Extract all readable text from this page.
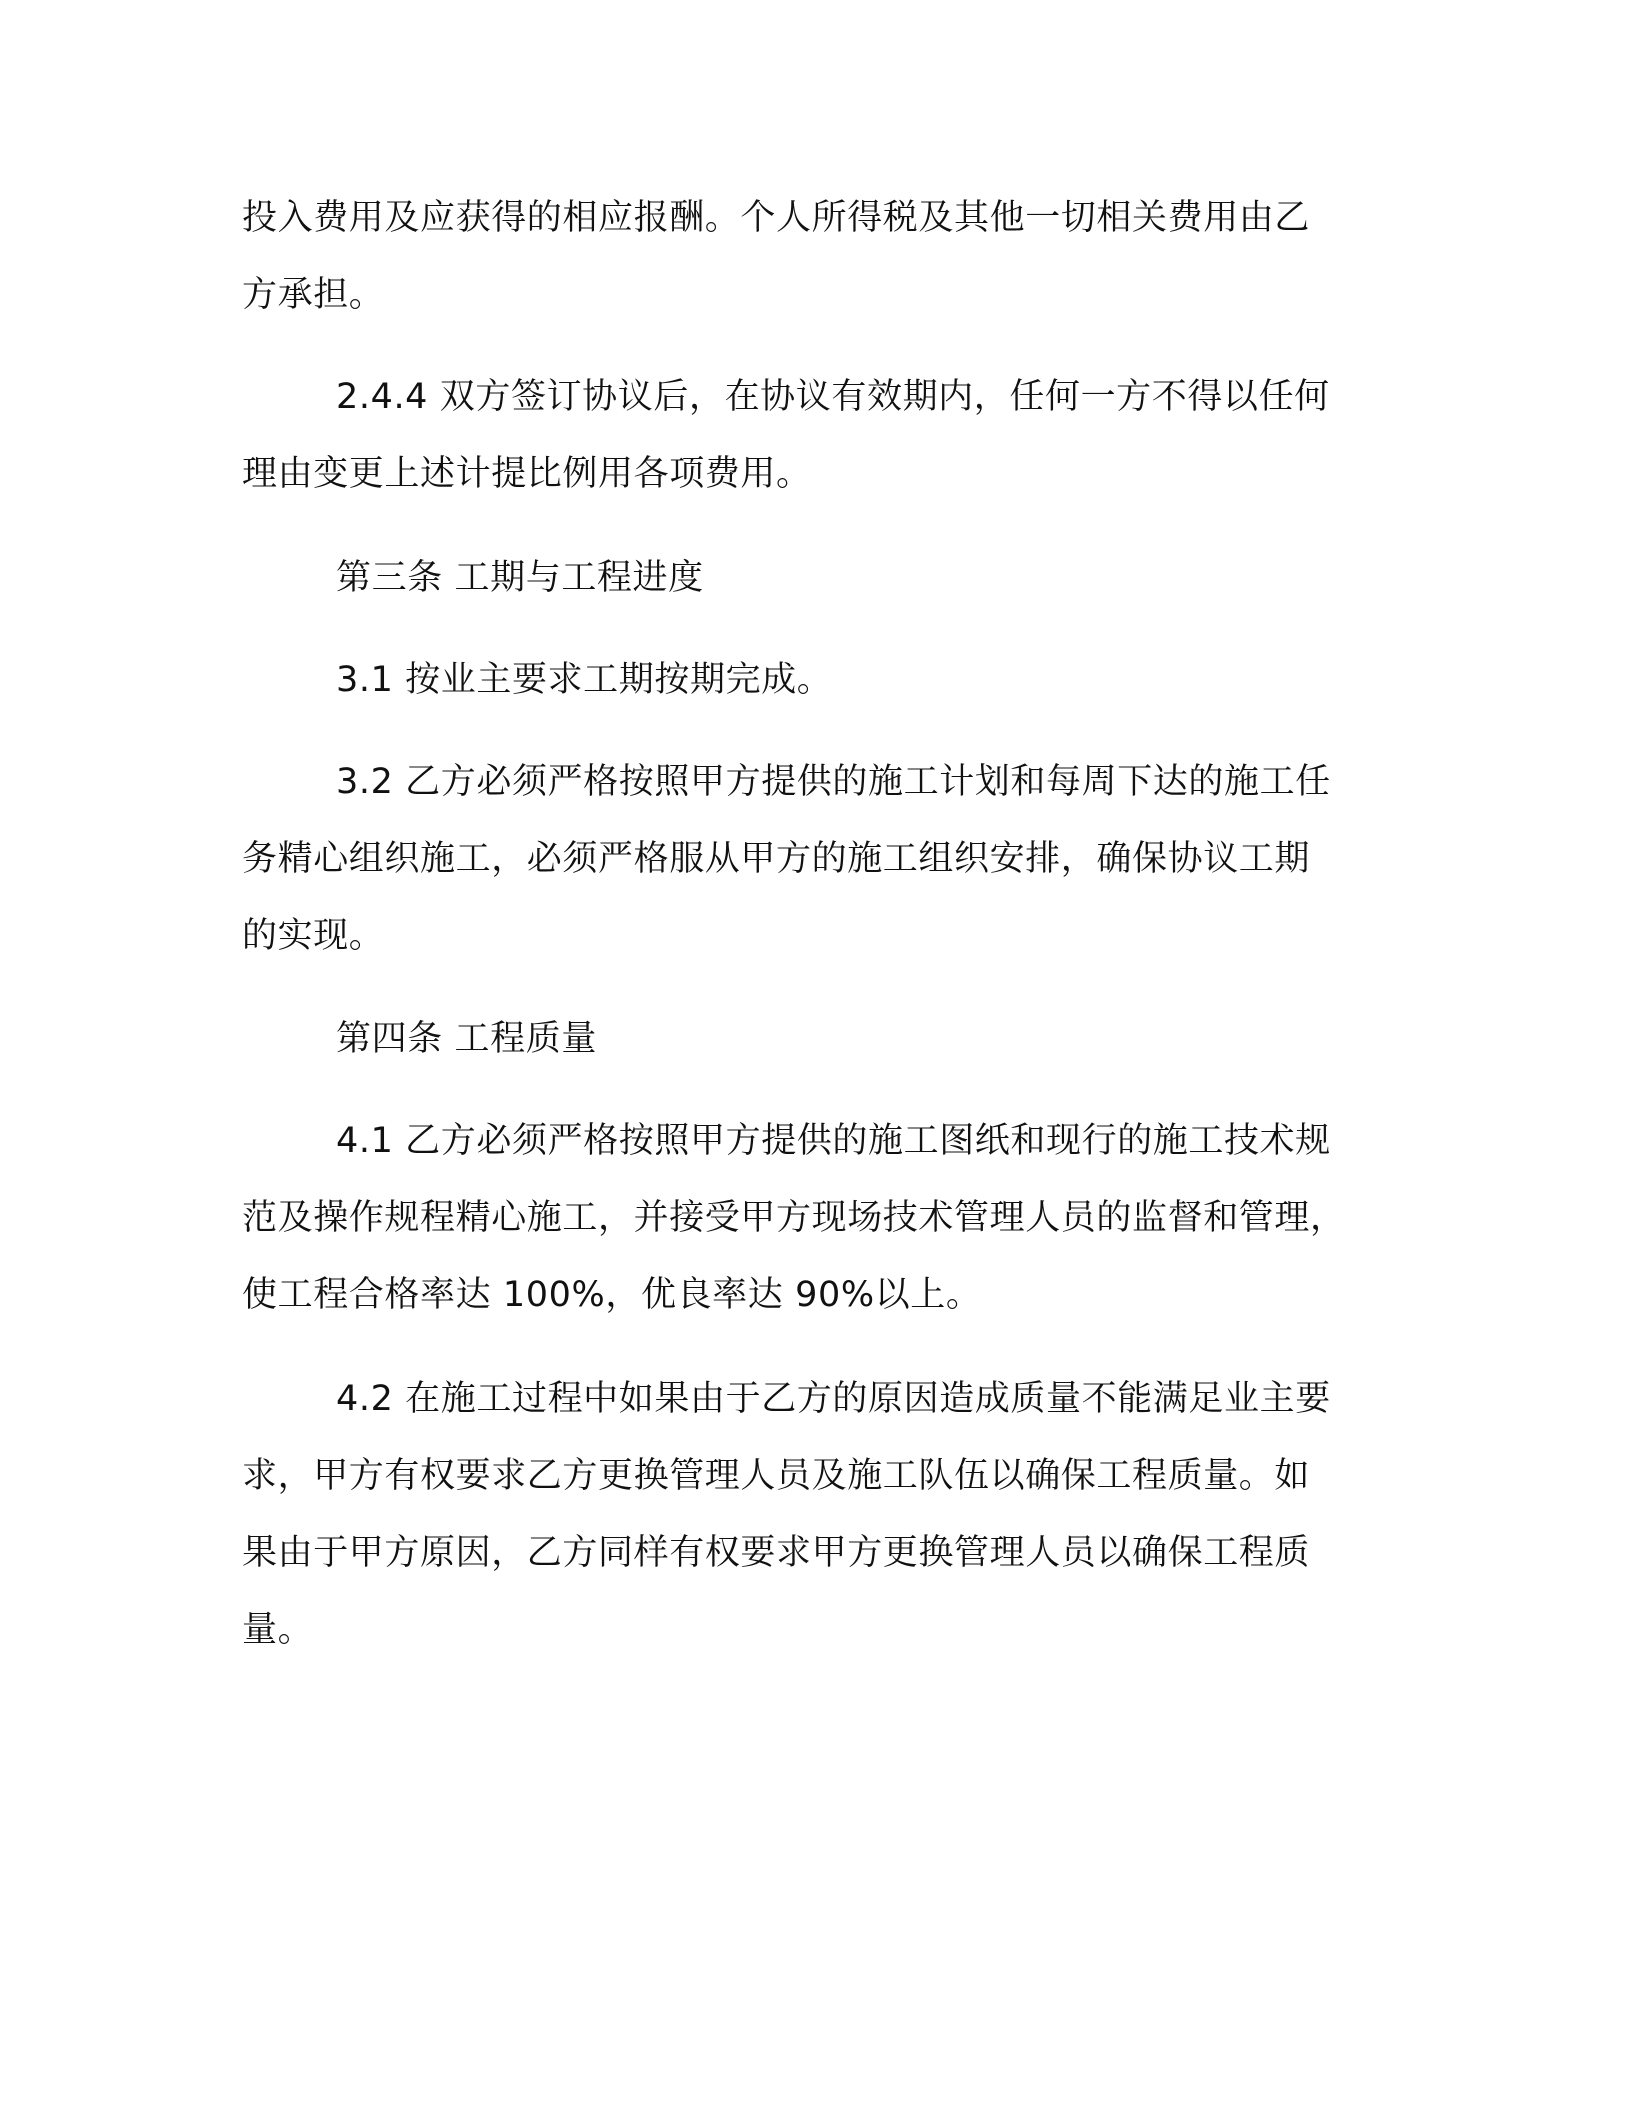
投入费用及应获得的相应报酬。个人所得税及其他一切相关费用由乙
方承担。
2.4.4 双方签订协议后，在协议有效期内，任何一方不得以任何
理由变更上述计提比例用各项费用。
第三条 工期与工程进度
3.1 按业主要求工期按期完成。
3.2 乙方必须严格按照甲方提供的施工计划和每周下达的施工任
务精心组织施工，必须严格服从甲方的施工组织安排，确保协议工期
的实现。
第四条 工程质量
4.1 乙方必须严格按照甲方提供的施工图纸和现行的施工技术规
范及操作规程精心施工，并接受甲方现场技术管理人员的监督和管理，
使工程合格率达 100%，优良率达 90%以上。
4.2 在施工过程中如果由于乙方的原因造成质量不能满足业主要
求，甲方有权要求乙方更换管理人员及施工队伍以确保工程质量。如
果由于甲方原因，乙方同样有权要求甲方更换管理人员以确保工程质
量。
